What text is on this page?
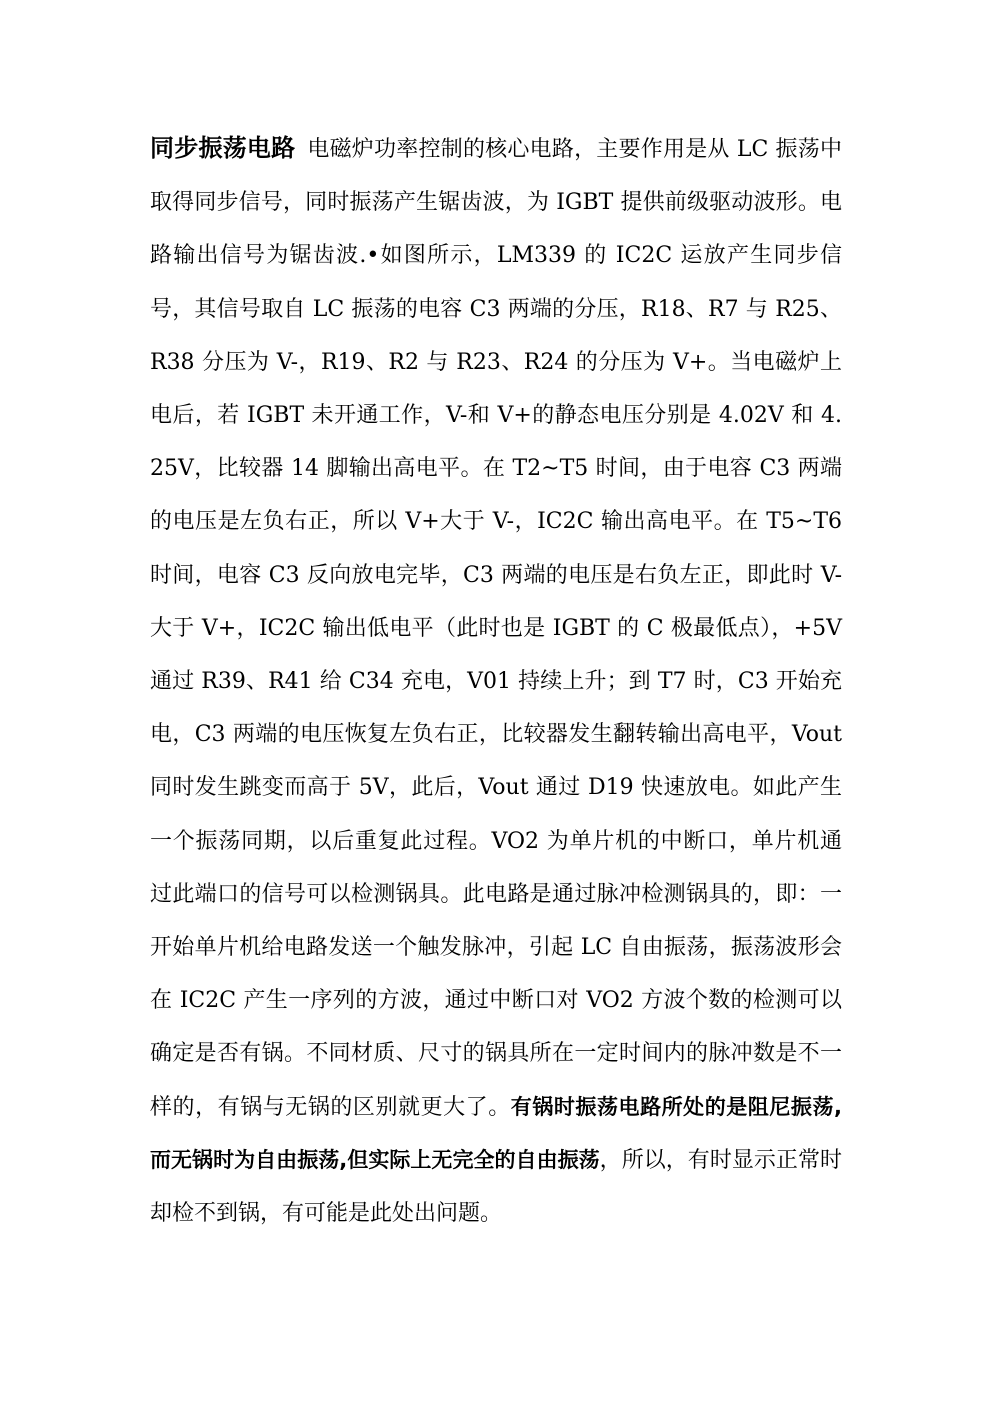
同步振荡电路 电磁炉功率控制的核心电路，主要作用是从 LC 振荡中取得同步信号，同时振荡产生锯齿波，为 IGBT 提供前级驱动波形。电路输出信号为锯齿波.•如图所示，LM339 的 IC2C 运放产生同步信号，其信号取自 LC 振荡的电容 C3 两端的分压，R18、R7 与 R25、R38 分压为 V-，R19、R2 与 R23、R24 的分压为 V+。当电磁炉上电后，若 IGBT 未开通工作，V-和 V+的静态电压分别是 4.02V 和 4.25V，比较器 14 脚输出高电平。在 T2~T5 时间，由于电容 C3 两端的电压是左负右正，所以 V+大于 V-，IC2C 输出高电平。在 T5~T6 时间，电容 C3 反向放电完毕，C3 两端的电压是右负左正，即此时 V-大于 V+，IC2C 输出低电平（此时也是 IGBT 的 C 极最低点），+5V 通过 R39、R41 给 C34 充电，V01 持续上升；到 T7 时，C3 开始充电，C3 两端的电压恢复左负右正，比较器发生翻转输出高电平，Vout 同时发生跳变而高于 5V，此后，Vout 通过 D19 快速放电。如此产生一个振荡同期，以后重复此过程。VO2 为单片机的中断口，单片机通过此端口的信号可以检测锅具。此电路是通过脉冲检测锅具的，即：一开始单片机给电路发送一个触发脉冲，引起 LC 自由振荡，振荡波形会在 IC2C 产生一序列的方波，通过中断口对 VO2 方波个数的检测可以确定是否有锅。不同材质、尺寸的锅具所在一定时间内的脉冲数是不一样的，有锅与无锅的区别就更大了。有锅时振荡电路所处的是阻尼振荡,而无锅时为自由振荡,但实际上无完全的自由振荡，所以，有时显示正常时却检不到锅，有可能是此处出问题。
